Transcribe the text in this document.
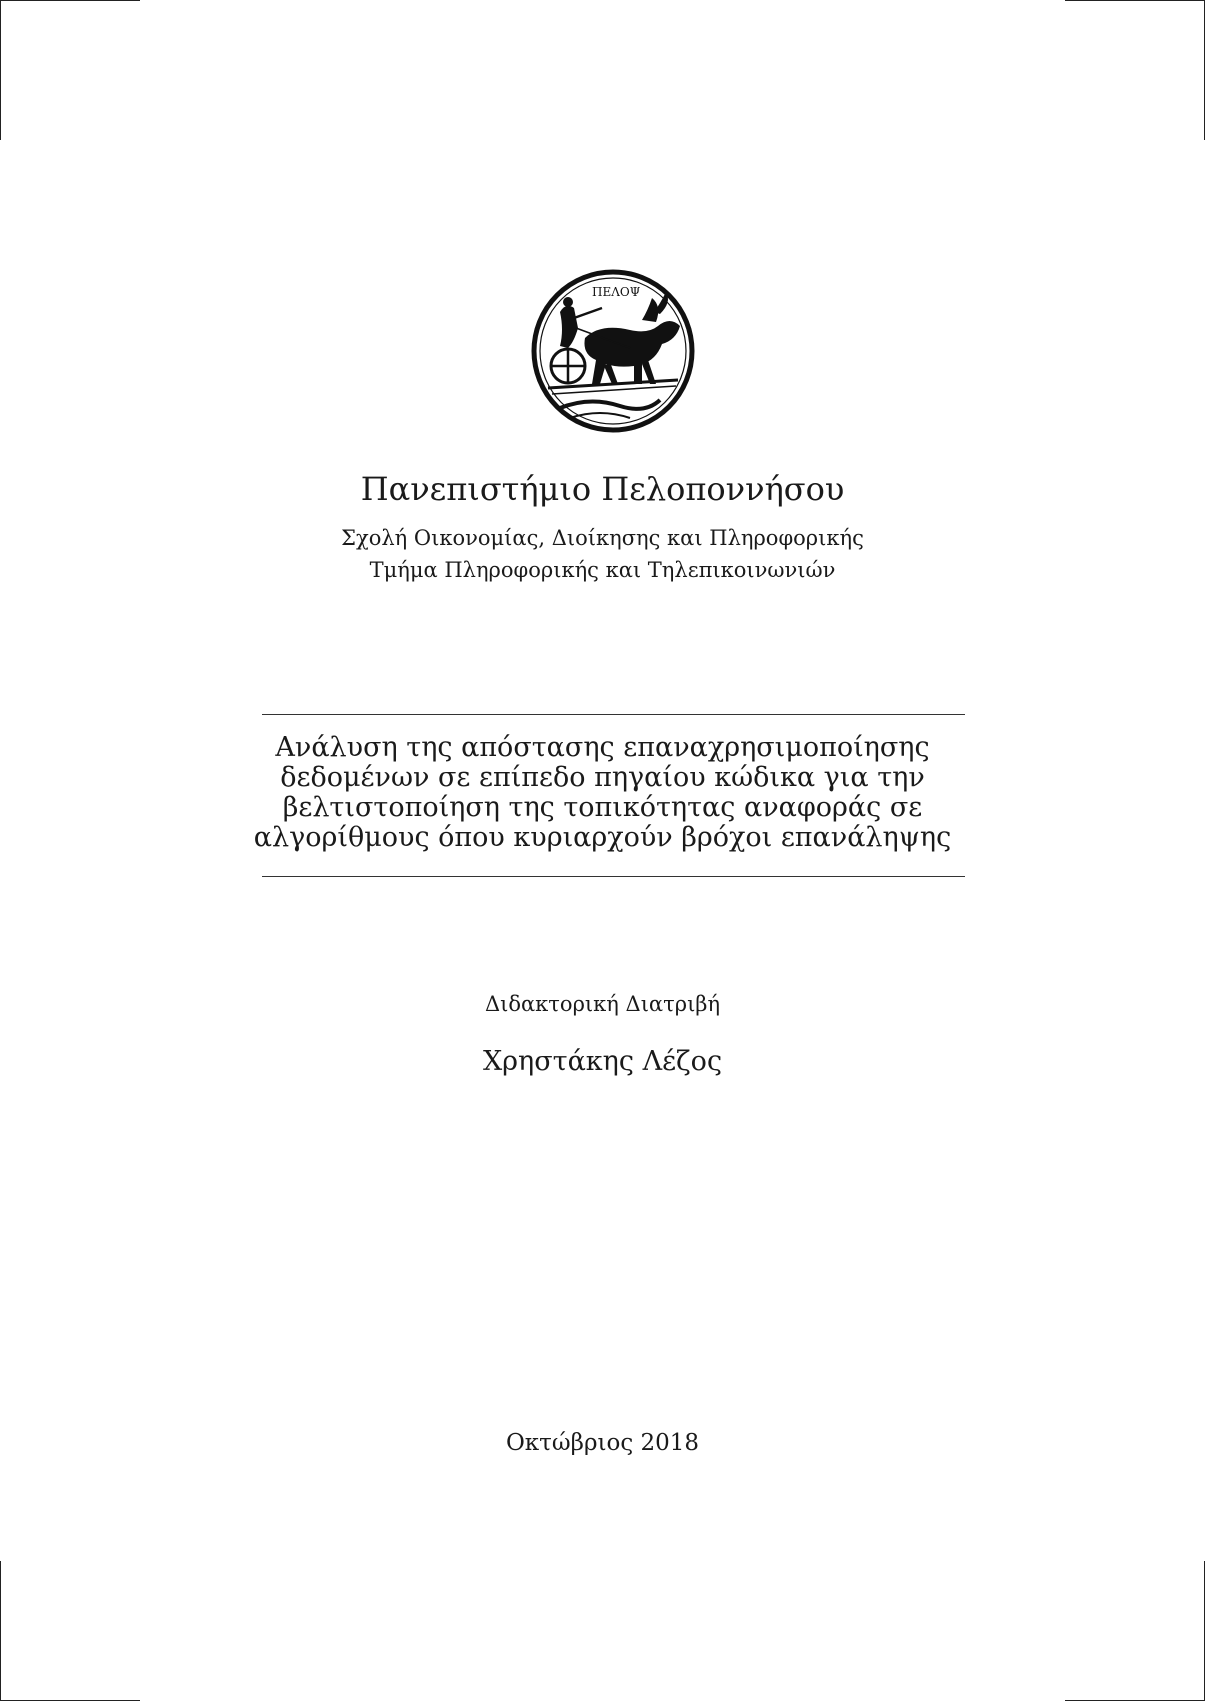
ΠΕΛΟΨ
Πανεπιστήμιο Πελοποννήσου
Σχολή Οικονομίας, Διοίκησης και Πληροφορικής
Τμήμα Πληροφορικής και Τηλεπικοινωνιών
Ανάλυση της απόστασης επαναχρησιμοποίησης
δεδομένων σε επίπεδο πηγαίου κώδικα για την
βελτιστοποίηση της τοπικότητας αναφοράς σε
αλγορίθμους όπου κυριαρχούν βρόχοι επανάληψης
Διδακτορική Διατριβή
Χρηστάκης Λέζος
Οκτώβριος 2018
